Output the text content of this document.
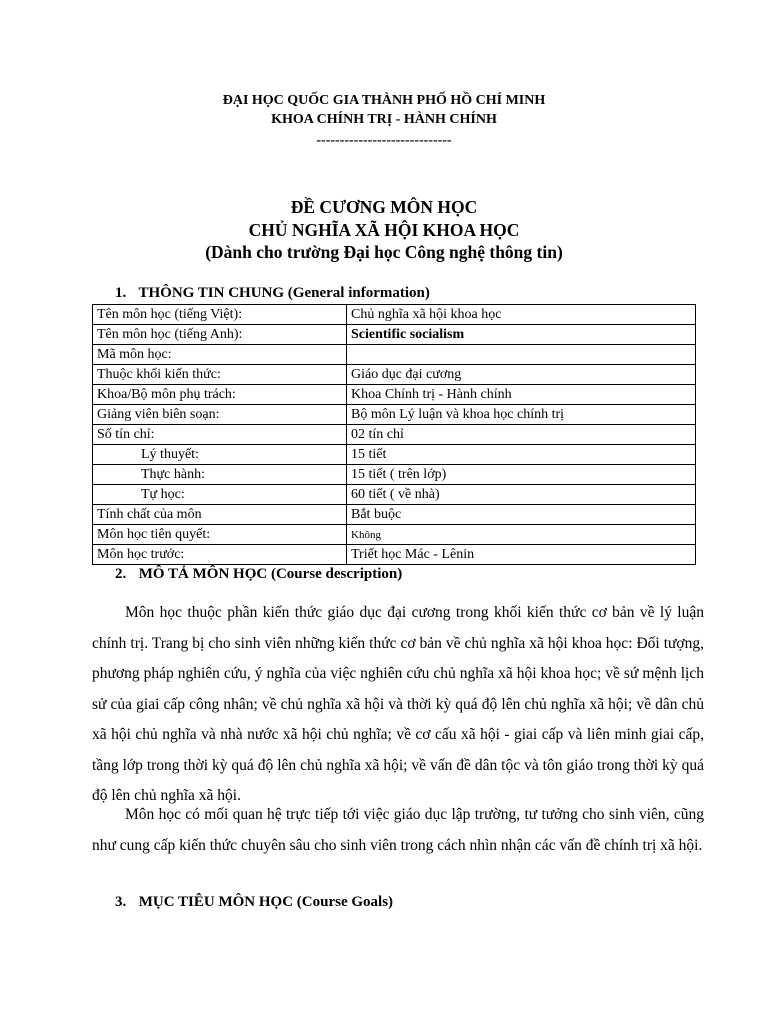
ĐẠI HỌC QUỐC GIA THÀNH PHỐ HỒ CHÍ MINH
KHOA CHÍNH TRỊ - HÀNH CHÍNH
-----------------------------
ĐỀ CƯƠNG MÔN HỌC
CHỦ NGHĨA XÃ HỘI KHOA HỌC
(Dành cho trường Đại học Công nghệ thông tin)
1. THÔNG TIN CHUNG (General information)
Tên môn học (tiếng Việt):	Chủ nghĩa xã hội khoa học
Tên môn học (tiếng Anh):	Scientific socialism
Mã môn học:	
Thuộc khối kiến thức:	Giáo dục đại cương
Khoa/Bộ môn phụ trách:	Khoa Chính trị - Hành chính
Giảng viên biên soạn:	Bộ môn Lý luận và khoa học chính trị
Số tín chỉ:	02 tín chỉ
Lý thuyết:	15 tiết
Thực hành:	15 tiết ( trên lớp)
Tự học:	60 tiết ( về nhà)
Tính chất của môn	Bắt buộc
Môn học tiên quyết:	Không
Môn học trước:	Triết học Mác - Lênin
2. MÔ TẢ MÔN HỌC (Course description)

Môn học thuộc phần kiến thức giáo dục đại cương trong khối kiến thức cơ bản về lý luận chính trị. Trang bị cho sinh viên những kiến thức cơ bản về chủ nghĩa xã hội khoa học: Đối tượng, phương pháp nghiên cứu, ý nghĩa của việc nghiên cứu chủ nghĩa xã hội khoa học; về sứ mệnh lịch sử của giai cấp công nhân; về chủ nghĩa xã hội và thời kỳ quá độ lên chủ nghĩa xã hội; về dân chủ xã hội chủ nghĩa và nhà nước xã hội chủ nghĩa; về cơ cấu xã hội - giai cấp và liên minh giai cấp, tầng lớp trong thời kỳ quá độ lên chủ nghĩa xã hội; về vấn đề dân tộc và tôn giáo trong thời kỳ quá độ lên chủ nghĩa xã hội.

Môn học có mối quan hệ trực tiếp tới việc giáo dục lập trường, tư tưởng cho sinh viên, cũng như cung cấp kiến thức chuyên sâu cho sinh viên trong cách nhìn nhận các vấn đề chính trị xã hội.

3. MỤC TIÊU MÔN HỌC (Course Goals)
